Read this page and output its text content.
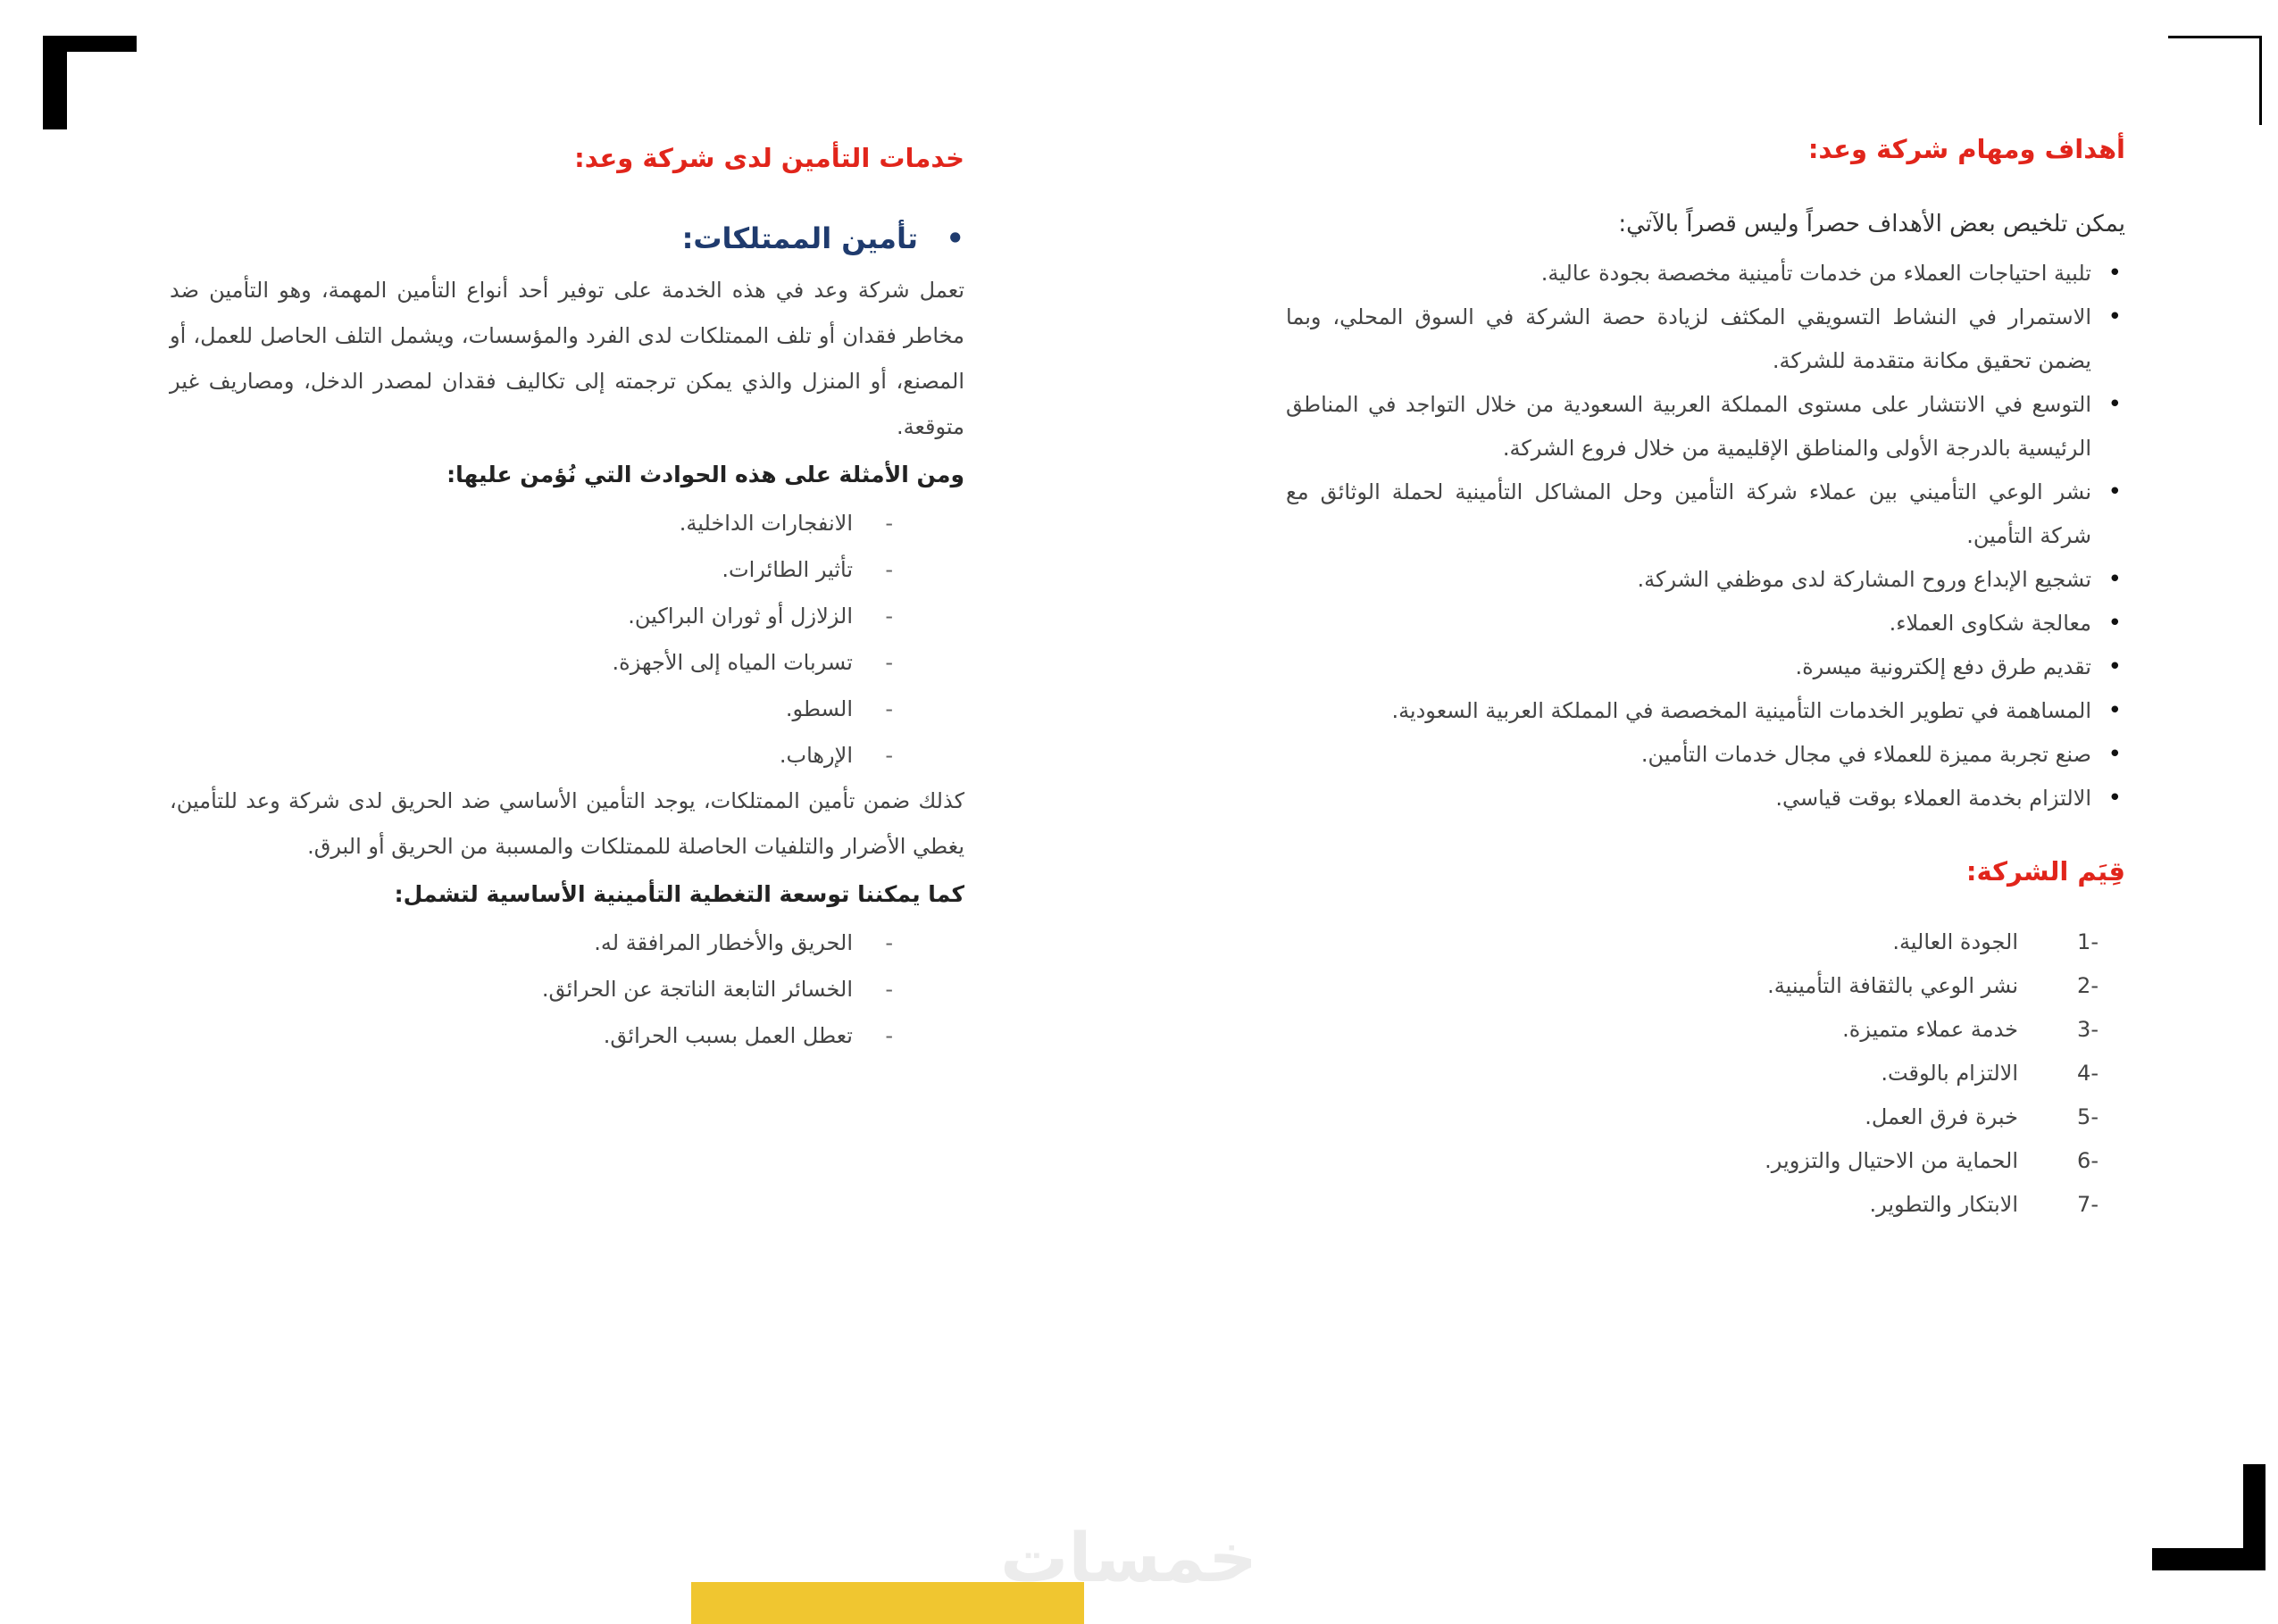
أهداف ومهام شركة وعد:

يمكن تلخيص بعض الأهداف حصراً وليس قصراً بالآتي:

• تلبية احتياجات العملاء من خدمات تأمينية مخصصة بجودة عالية.
• الاستمرار في النشاط التسويقي المكثف لزيادة حصة الشركة في السوق المحلي، وبما يضمن تحقيق مكانة متقدمة للشركة.
• التوسع في الانتشار على مستوى المملكة العربية السعودية من خلال التواجد في المناطق الرئيسية بالدرجة الأولى والمناطق الإقليمية من خلال فروع الشركة.
• نشر الوعي التأميني بين عملاء شركة التأمين وحل المشاكل التأمينية لحملة الوثائق مع شركة التأمين.
• تشجيع الإبداع وروح المشاركة لدى موظفي الشركة.
• معالجة شكاوى العملاء.
• تقديم طرق دفع إلكترونية ميسرة.
• المساهمة في تطوير الخدمات التأمينية المخصصة في المملكة العربية السعودية.
• صنع تجربة مميزة للعملاء في مجال خدمات التأمين.
• الالتزام بخدمة العملاء بوقت قياسي.
قِيَم الشركة:
-1
الجودة العالية.
-2
نشر الوعي بالثقافة التأمينية.
-3
خدمة عملاء متميزة.
-4
الالتزام بالوقت.
-5
خبرة فرق العمل.
-6
الحماية من الاحتيال والتزوير.
-7
الابتكار والتطوير.
خدمات التأمين لدى شركة وعد:
• تأمين الممتلكات:

تعمل شركة وعد في هذه الخدمة على توفير أحد أنواع التأمين المهمة، وهو التأمين ضد مخاطر فقدان أو تلف الممتلكات لدى الفرد والمؤسسات، ويشمل التلف الحاصل للعمل، أو المصنع، أو المنزل والذي يمكن ترجمته إلى تكاليف فقدان لمصدر الدخل، ومصاريف غير متوقعة.

ومن الأمثلة على هذه الحوادث التي نُؤمن عليها:

- الانفجارات الداخلية.
- تأثير الطائرات.
- الزلازل أو ثوران البراكين.
- تسربات المياه إلى الأجهزة.
- السطو.
- الإرهاب.

كذلك ضمن تأمين الممتلكات، يوجد التأمين الأساسي ضد الحريق لدى شركة وعد للتأمين، يغطي الأضرار والتلفيات الحاصلة للممتلكات والمسببة من الحريق أو البرق.

كما يمكننا توسعة التغطية التأمينية الأساسية لتشمل:

- الحريق والأخطار المرافقة له.
- الخسائر التابعة الناتجة عن الحرائق.
- تعطل العمل بسبب الحرائق.
خمسات
